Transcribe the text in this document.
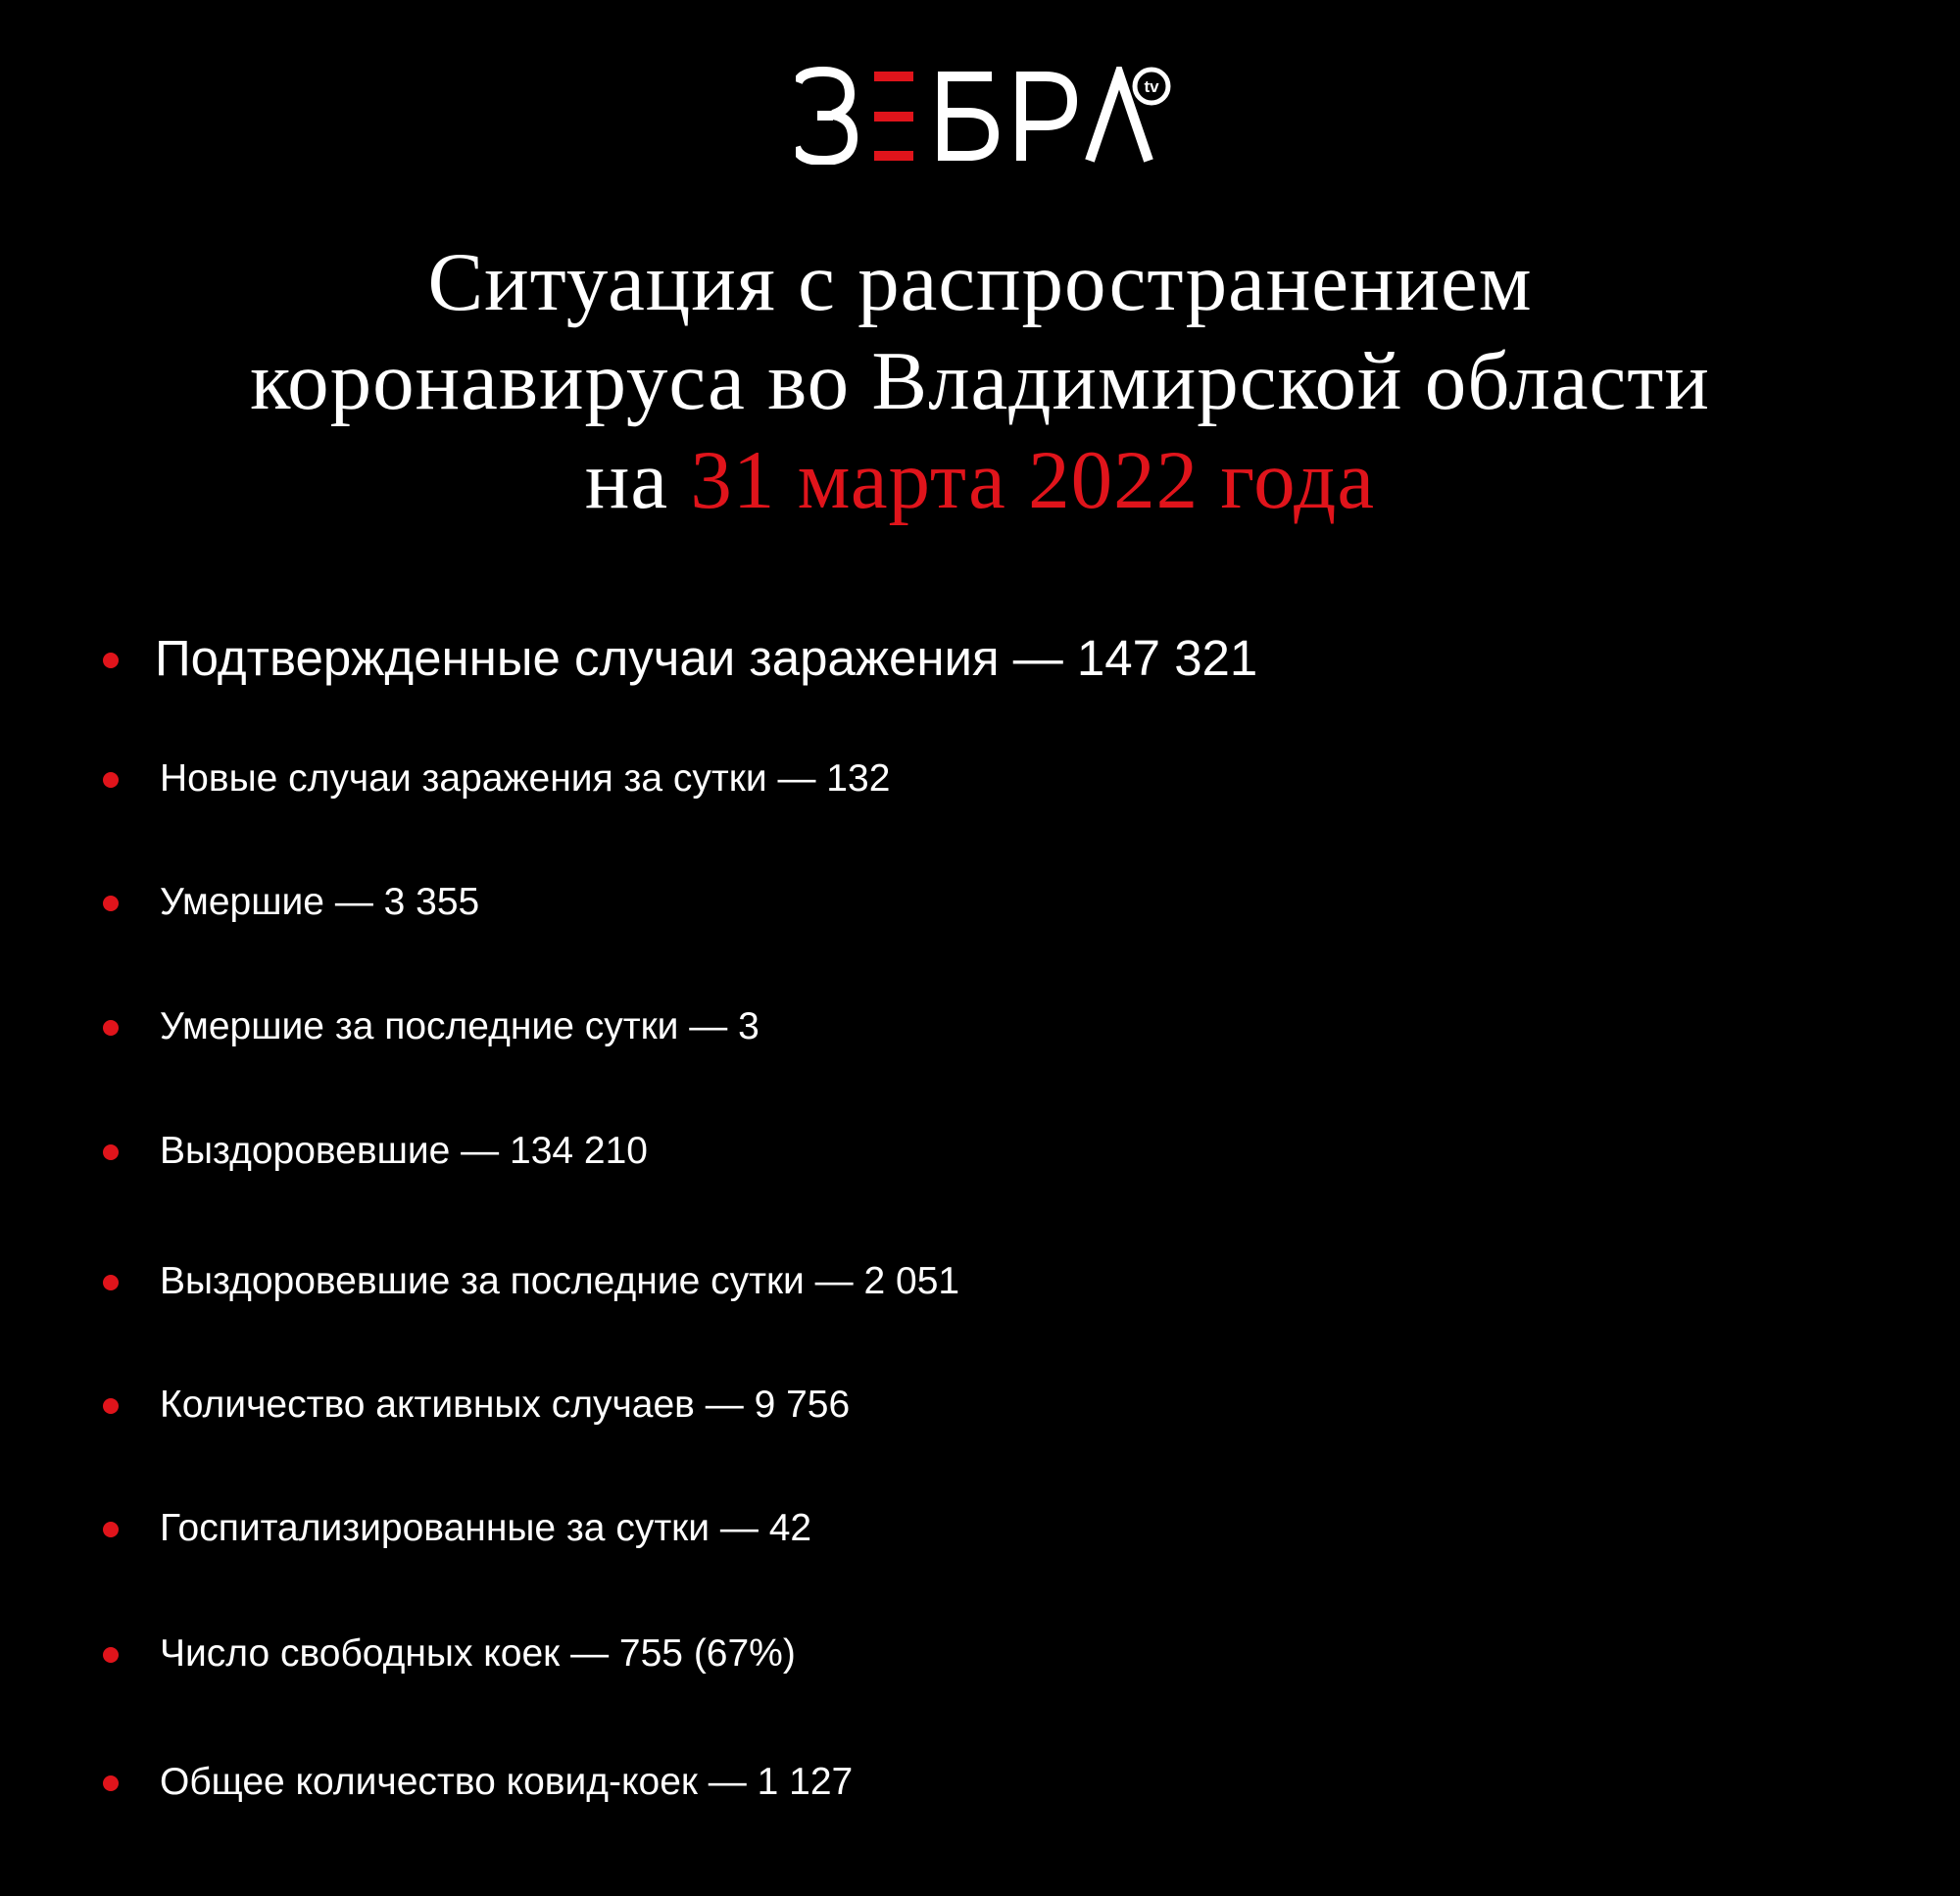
tv
Ситуация с распространением
коронавируса во Владимирской области
на 31 марта 2022 года
Подтвержденные случаи заражения — 147 321
Новые случаи заражения за сутки — 132
Умершие — 3 355
Умершие за последние сутки — 3
Выздоровевшие — 134 210
Выздоровевшие за последние сутки — 2 051
Количество активных случаев — 9 756
Госпитализированные за сутки — 42
Число свободных коек — 755 (67%)
Общее количество ковид-коек — 1 127
